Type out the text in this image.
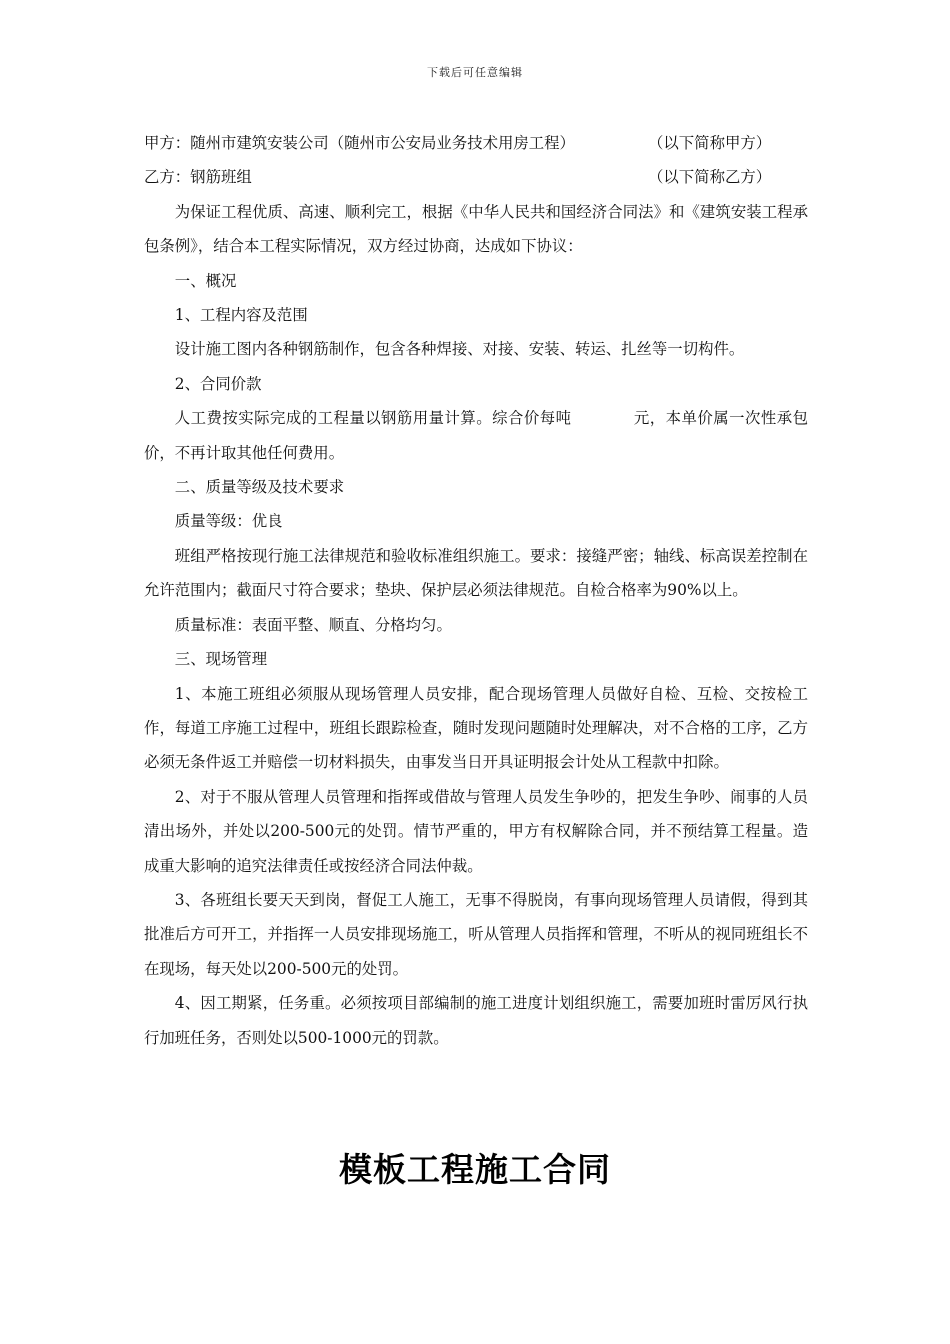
下载后可任意编辑
甲方：随州市建筑安装公司（随州市公安局业务技术用房工程）	（以下简称甲方）
乙方：钢筋班组	（以下简称乙方）

为保证工程优质、高速、顺利完工，根据《中华人民共和国经济合同法》和《建筑安装工程承包条例》，结合本工程实际情况，双方经过协商，达成如下协议：

一、概况

1、工程内容及范围

设计施工图内各种钢筋制作，包含各种焊接、对接、安装、转运、扎丝等一切构件。

2、合同价款

人工费按实际完成的工程量以钢筋用量计算。综合价每吨	元，本单价属一次性承包价，不再计取其他任何费用。

二、质量等级及技术要求

质量等级：优良

班组严格按现行施工法律规范和验收标准组织施工。要求：接缝严密；轴线、标高误差控制在允许范围内；截面尺寸符合要求；垫块、保护层必须法律规范。自检合格率为90%以上。

质量标准：表面平整、顺直、分格均匀。

三、现场管理

1、本施工班组必须服从现场管理人员安排，配合现场管理人员做好自检、互检、交按检工作，每道工序施工过程中，班组长跟踪检查，随时发现问题随时处理解决，对不合格的工序，乙方必须无条件返工并赔偿一切材料损失，由事发当日开具证明报会计处从工程款中扣除。

2、对于不服从管理人员管理和指挥或借故与管理人员发生争吵的，把发生争吵、闹事的人员清出场外，并处以200-500元的处罚。情节严重的，甲方有权解除合同，并不预结算工程量。造成重大影响的追究法律责任或按经济合同法仲裁。

3、各班组长要天天到岗，督促工人施工，无事不得脱岗，有事向现场管理人员请假，得到其批准后方可开工，并指挥一人员安排现场施工，听从管理人员指挥和管理，不听从的视同班组长不在现场，每天处以200-500元的处罚。

4、因工期紧，任务重。必须按项目部编制的施工进度计划组织施工，需要加班时雷厉风行执行加班任务，否则处以500-1000元的罚款。

模板工程施工合同
